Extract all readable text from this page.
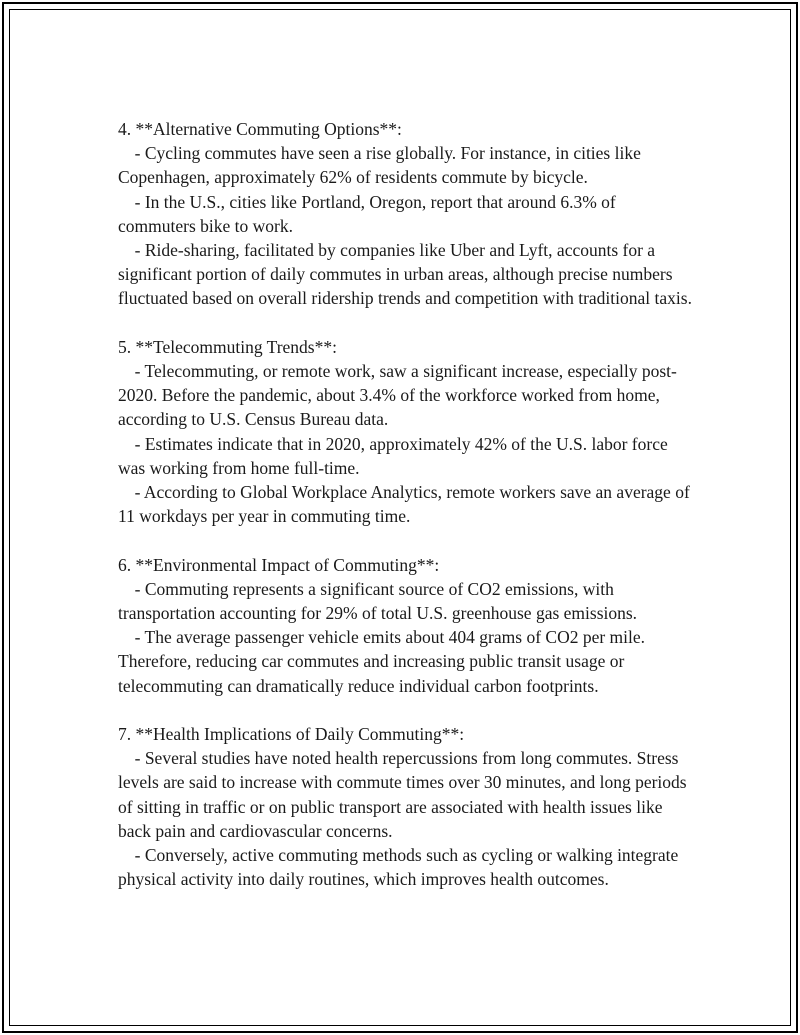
4. **Alternative Commuting Options**:
- Cycling commutes have seen a rise globally. For instance, in cities like Copenhagen, approximately 62% of residents commute by bicycle.
- In the U.S., cities like Portland, Oregon, report that around 6.3% of commuters bike to work.
- Ride-sharing, facilitated by companies like Uber and Lyft, accounts for a significant portion of daily commutes in urban areas, although precise numbers fluctuated based on overall ridership trends and competition with traditional taxis.
5. **Telecommuting Trends**:
- Telecommuting, or remote work, saw a significant increase, especially post-2020. Before the pandemic, about 3.4% of the workforce worked from home, according to U.S. Census Bureau data.
- Estimates indicate that in 2020, approximately 42% of the U.S. labor force was working from home full-time.
- According to Global Workplace Analytics, remote workers save an average of 11 workdays per year in commuting time.
6. **Environmental Impact of Commuting**:
- Commuting represents a significant source of CO2 emissions, with transportation accounting for 29% of total U.S. greenhouse gas emissions.
- The average passenger vehicle emits about 404 grams of CO2 per mile. Therefore, reducing car commutes and increasing public transit usage or telecommuting can dramatically reduce individual carbon footprints.
7. **Health Implications of Daily Commuting**:
- Several studies have noted health repercussions from long commutes. Stress levels are said to increase with commute times over 30 minutes, and long periods of sitting in traffic or on public transport are associated with health issues like back pain and cardiovascular concerns.
- Conversely, active commuting methods such as cycling or walking integrate physical activity into daily routines, which improves health outcomes.
